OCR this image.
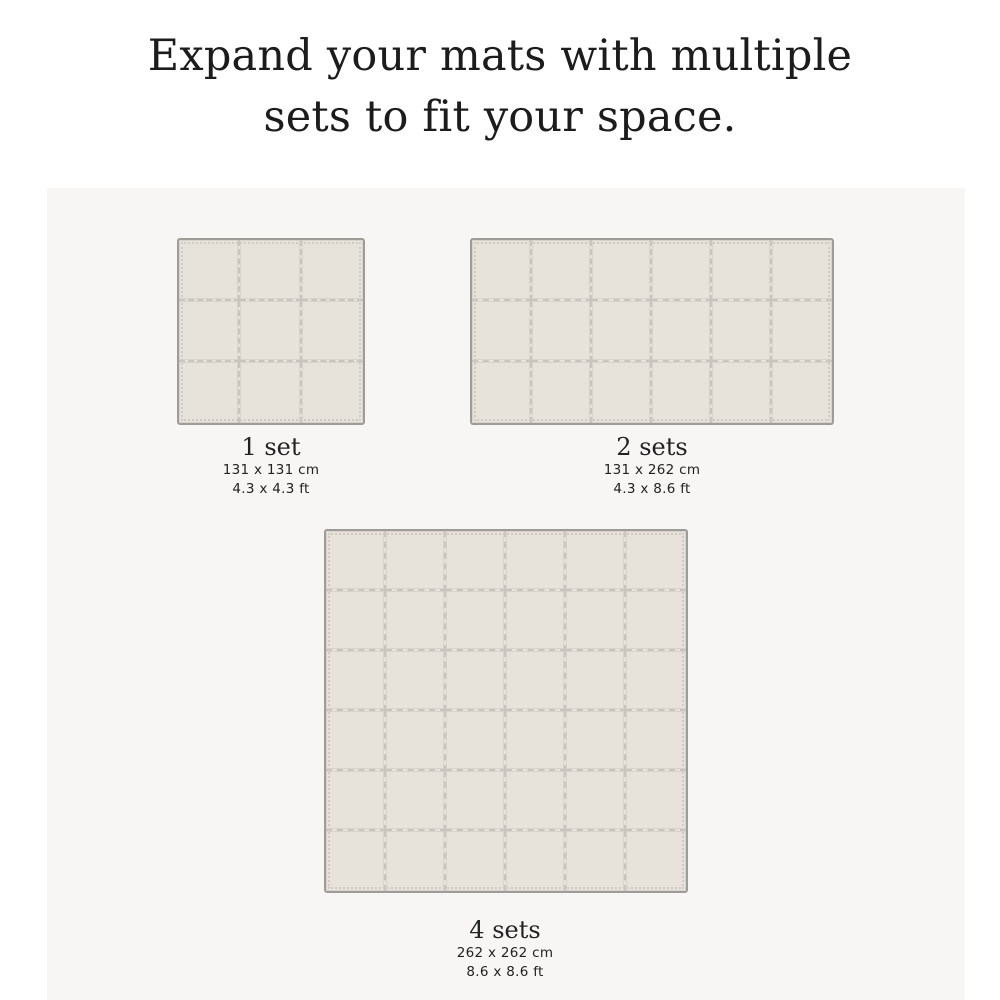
Expand your mats with multiple
sets to fit your space.
1 set
131 x 131 cm
4.3 x 4.3 ft
2 sets
131 x 262 cm
4.3 x 8.6 ft
4 sets
262 x 262 cm
8.6 x 8.6 ft
